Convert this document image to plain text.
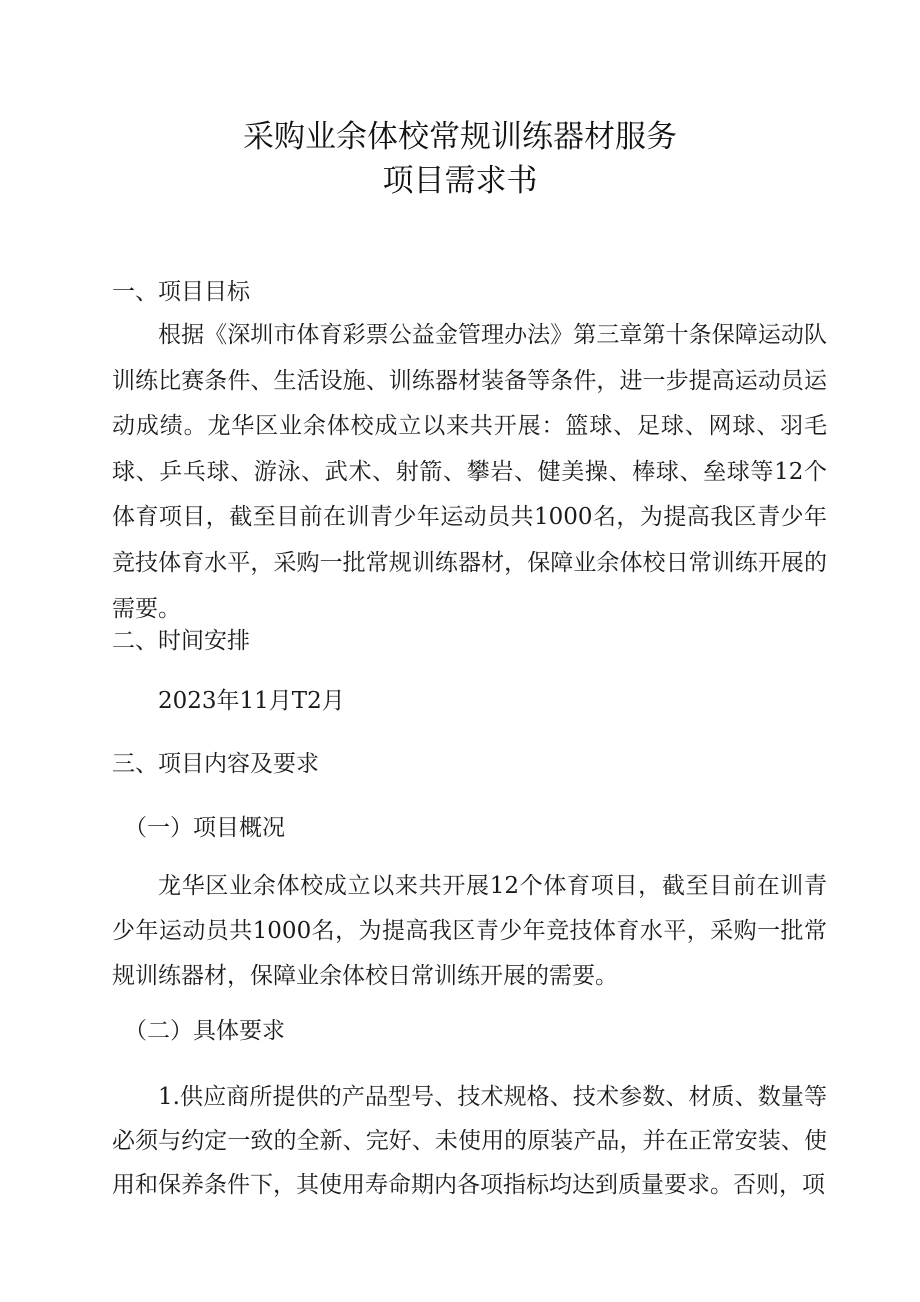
采购业余体校常规训练器材服务
项目需求书
一、项目目标
根据《深圳市体育彩票公益金管理办法》第三章第十条保障运动队训练比赛条件、生活设施、训练器材装备等条件，进一步提高运动员运动成绩。龙华区业余体校成立以来共开展：篮球、足球、网球、羽毛球、乒乓球、游泳、武术、射箭、攀岩、健美操、棒球、垒球等12个体育项目，截至目前在训青少年运动员共1000名，为提高我区青少年竞技体育水平，采购一批常规训练器材，保障业余体校日常训练开展的需要。
二、时间安排
2023年11月T2月
三、项目内容及要求
（一）项目概况
龙华区业余体校成立以来共开展12个体育项目，截至目前在训青少年运动员共1000名，为提高我区青少年竞技体育水平，采购一批常规训练器材，保障业余体校日常训练开展的需要。
（二）具体要求
1.供应商所提供的产品型号、技术规格、技术参数、材质、数量等必须与约定一致的全新、完好、未使用的原装产品，并在正常安装、使用和保养条件下，其使用寿命期内各项指标均达到质量要求。否则，项
